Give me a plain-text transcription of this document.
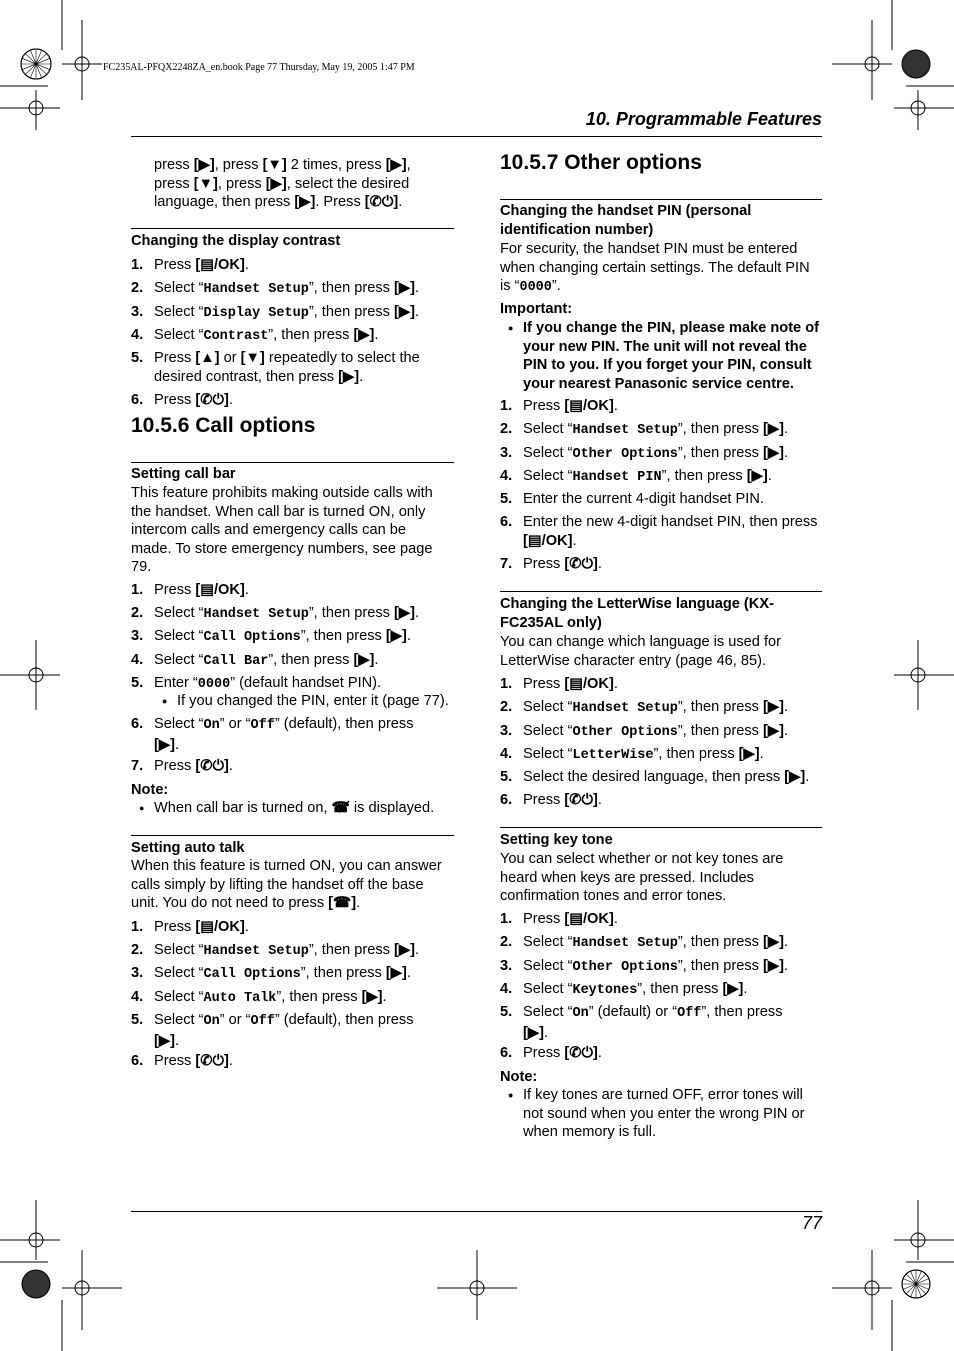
FC235AL-PFQX2248ZA_en.book Page 77 Thursday, May 19, 2005 1:47 PM
10. Programmable Features
press [▶], press [▼] 2 times, press [▶],
press [▼], press [▶], select the desired
language, then press [▶]. Press [✆⏻].
Changing the display contrast
1. Press [▤/OK].
2. Select “Handset Setup”, then press [▶].
3. Select “Display Setup”, then press [▶].
4. Select “Contrast”, then press [▶].
5. Press [▲] or [▼] repeatedly to select the
desired contrast, then press [▶].
6. Press [✆⏻].
10.5.6 Call options
Setting call bar
This feature prohibits making outside calls with
the handset. When call bar is turned ON, only
intercom calls and emergency calls can be
made. To store emergency numbers, see page
79.
1. Press [▤/OK].
2. Select “Handset Setup”, then press [▶].
3. Select “Call Options”, then press [▶].
4. Select “Call Bar”, then press [▶].
5. Enter “0000” (default handset PIN).
● If you changed the PIN, enter it (page 77).
6. Select “On” or “Off” (default), then press
[▶].
7. Press [✆⏻].
Note:
● When call bar is turned on, ☎̸ is displayed.
Setting auto talk
When this feature is turned ON, you can answer
calls simply by lifting the handset off the base
unit. You do not need to press [☎].
1. Press [▤/OK].
2. Select “Handset Setup”, then press [▶].
3. Select “Call Options”, then press [▶].
4. Select “Auto Talk”, then press [▶].
5. Select “On” or “Off” (default), then press
[▶].
6. Press [✆⏻].
10.5.7 Other options
Changing the handset PIN (personal
identification number)
For security, the handset PIN must be entered
when changing certain settings. The default PIN
is “0000”.
Important:
● If you change the PIN, please make note of
your new PIN. The unit will not reveal the
PIN to you. If you forget your PIN, consult
your nearest Panasonic service centre.
1. Press [▤/OK].
2. Select “Handset Setup”, then press [▶].
3. Select “Other Options”, then press [▶].
4. Select “Handset PIN”, then press [▶].
5. Enter the current 4-digit handset PIN.
6. Enter the new 4-digit handset PIN, then press
[▤/OK].
7. Press [✆⏻].
Changing the LetterWise language (KX-
FC235AL only)
You can change which language is used for
LetterWise character entry (page 46, 85).
1. Press [▤/OK].
2. Select “Handset Setup”, then press [▶].
3. Select “Other Options”, then press [▶].
4. Select “LetterWise”, then press [▶].
5. Select the desired language, then press [▶].
6. Press [✆⏻].
Setting key tone
You can select whether or not key tones are
heard when keys are pressed. Includes
confirmation tones and error tones.
1. Press [▤/OK].
2. Select “Handset Setup”, then press [▶].
3. Select “Other Options”, then press [▶].
4. Select “Keytones”, then press [▶].
5. Select “On” (default) or “Off”, then press
[▶].
6. Press [✆⏻].
Note:
● If key tones are turned OFF, error tones will
not sound when you enter the wrong PIN or
when memory is full.
77
